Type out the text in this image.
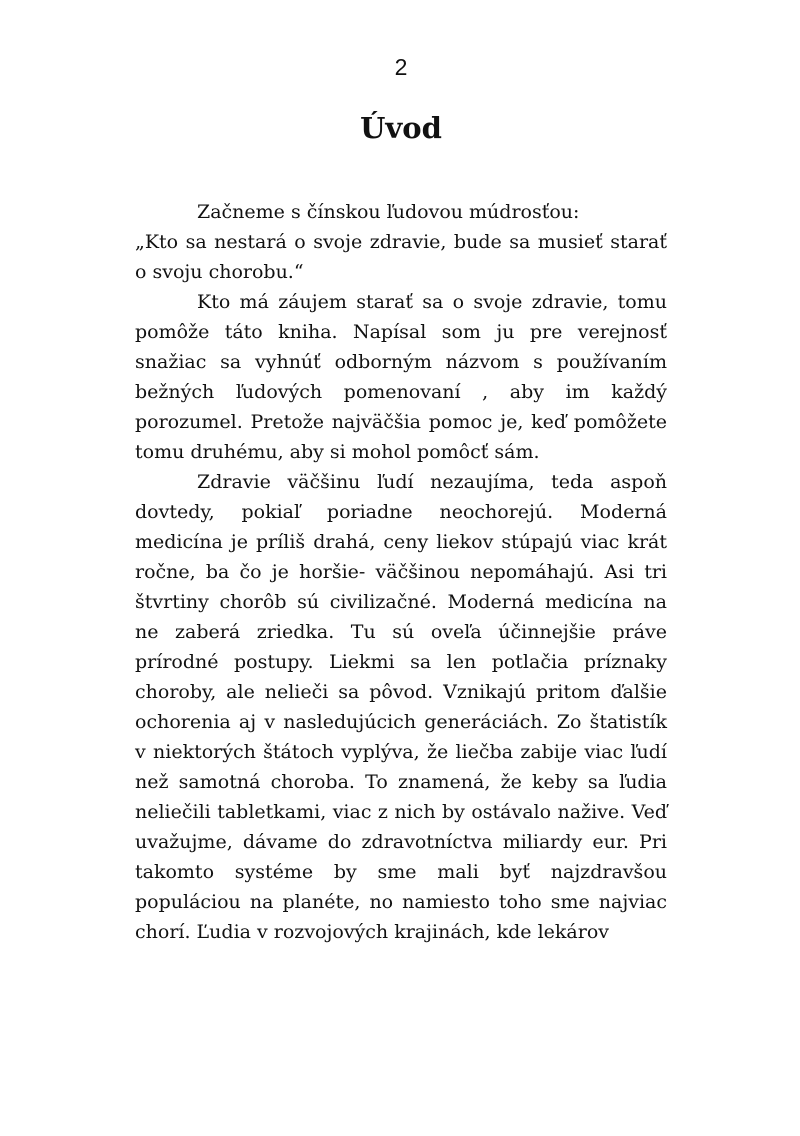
2
Úvod

Začneme s čínskou ľudovou múdrosťou:

„Kto sa nestará o svoje zdravie, bude sa musieť starať o svoju chorobu.“

Kto má záujem starať sa o svoje zdravie, tomu pomôže táto kniha. Napísal som ju pre verejnosť snažiac sa vyhnúť odborným názvom s používaním bežných ľudových pomenovaní , aby im každý porozumel. Pretože najväčšia pomoc je, keď pomôžete tomu druhému, aby si mohol pomôcť sám.

Zdravie väčšinu ľudí nezaujíma, teda aspoň dovtedy, pokiaľ poriadne neochorejú. Moderná medicína je príliš drahá, ceny liekov stúpajú viac krát ročne, ba čo je horšie- väčšinou nepomáhajú. Asi tri štvrtiny chorôb sú civilizačné. Moderná medicína na ne zaberá zriedka. Tu sú oveľa účinnejšie práve prírodné postupy. Liekmi sa len potlačia príznaky choroby, ale nelieči sa pôvod. Vznikajú pritom ďalšie ochorenia aj v nasledujúcich generáciách. Zo štatistík v niektorých štátoch vyplýva, že liečba zabije viac ľudí než samotná choroba. To znamená, že keby sa ľudia neliečili tabletkami, viac z nich by ostávalo nažive. Veď uvažujme, dávame do zdravotníctva miliardy eur. Pri takomto systéme by sme mali byť najzdravšou populáciou na planéte, no namiesto toho sme najviac chorí. Ľudia v rozvojových krajinách, kde lekárov
